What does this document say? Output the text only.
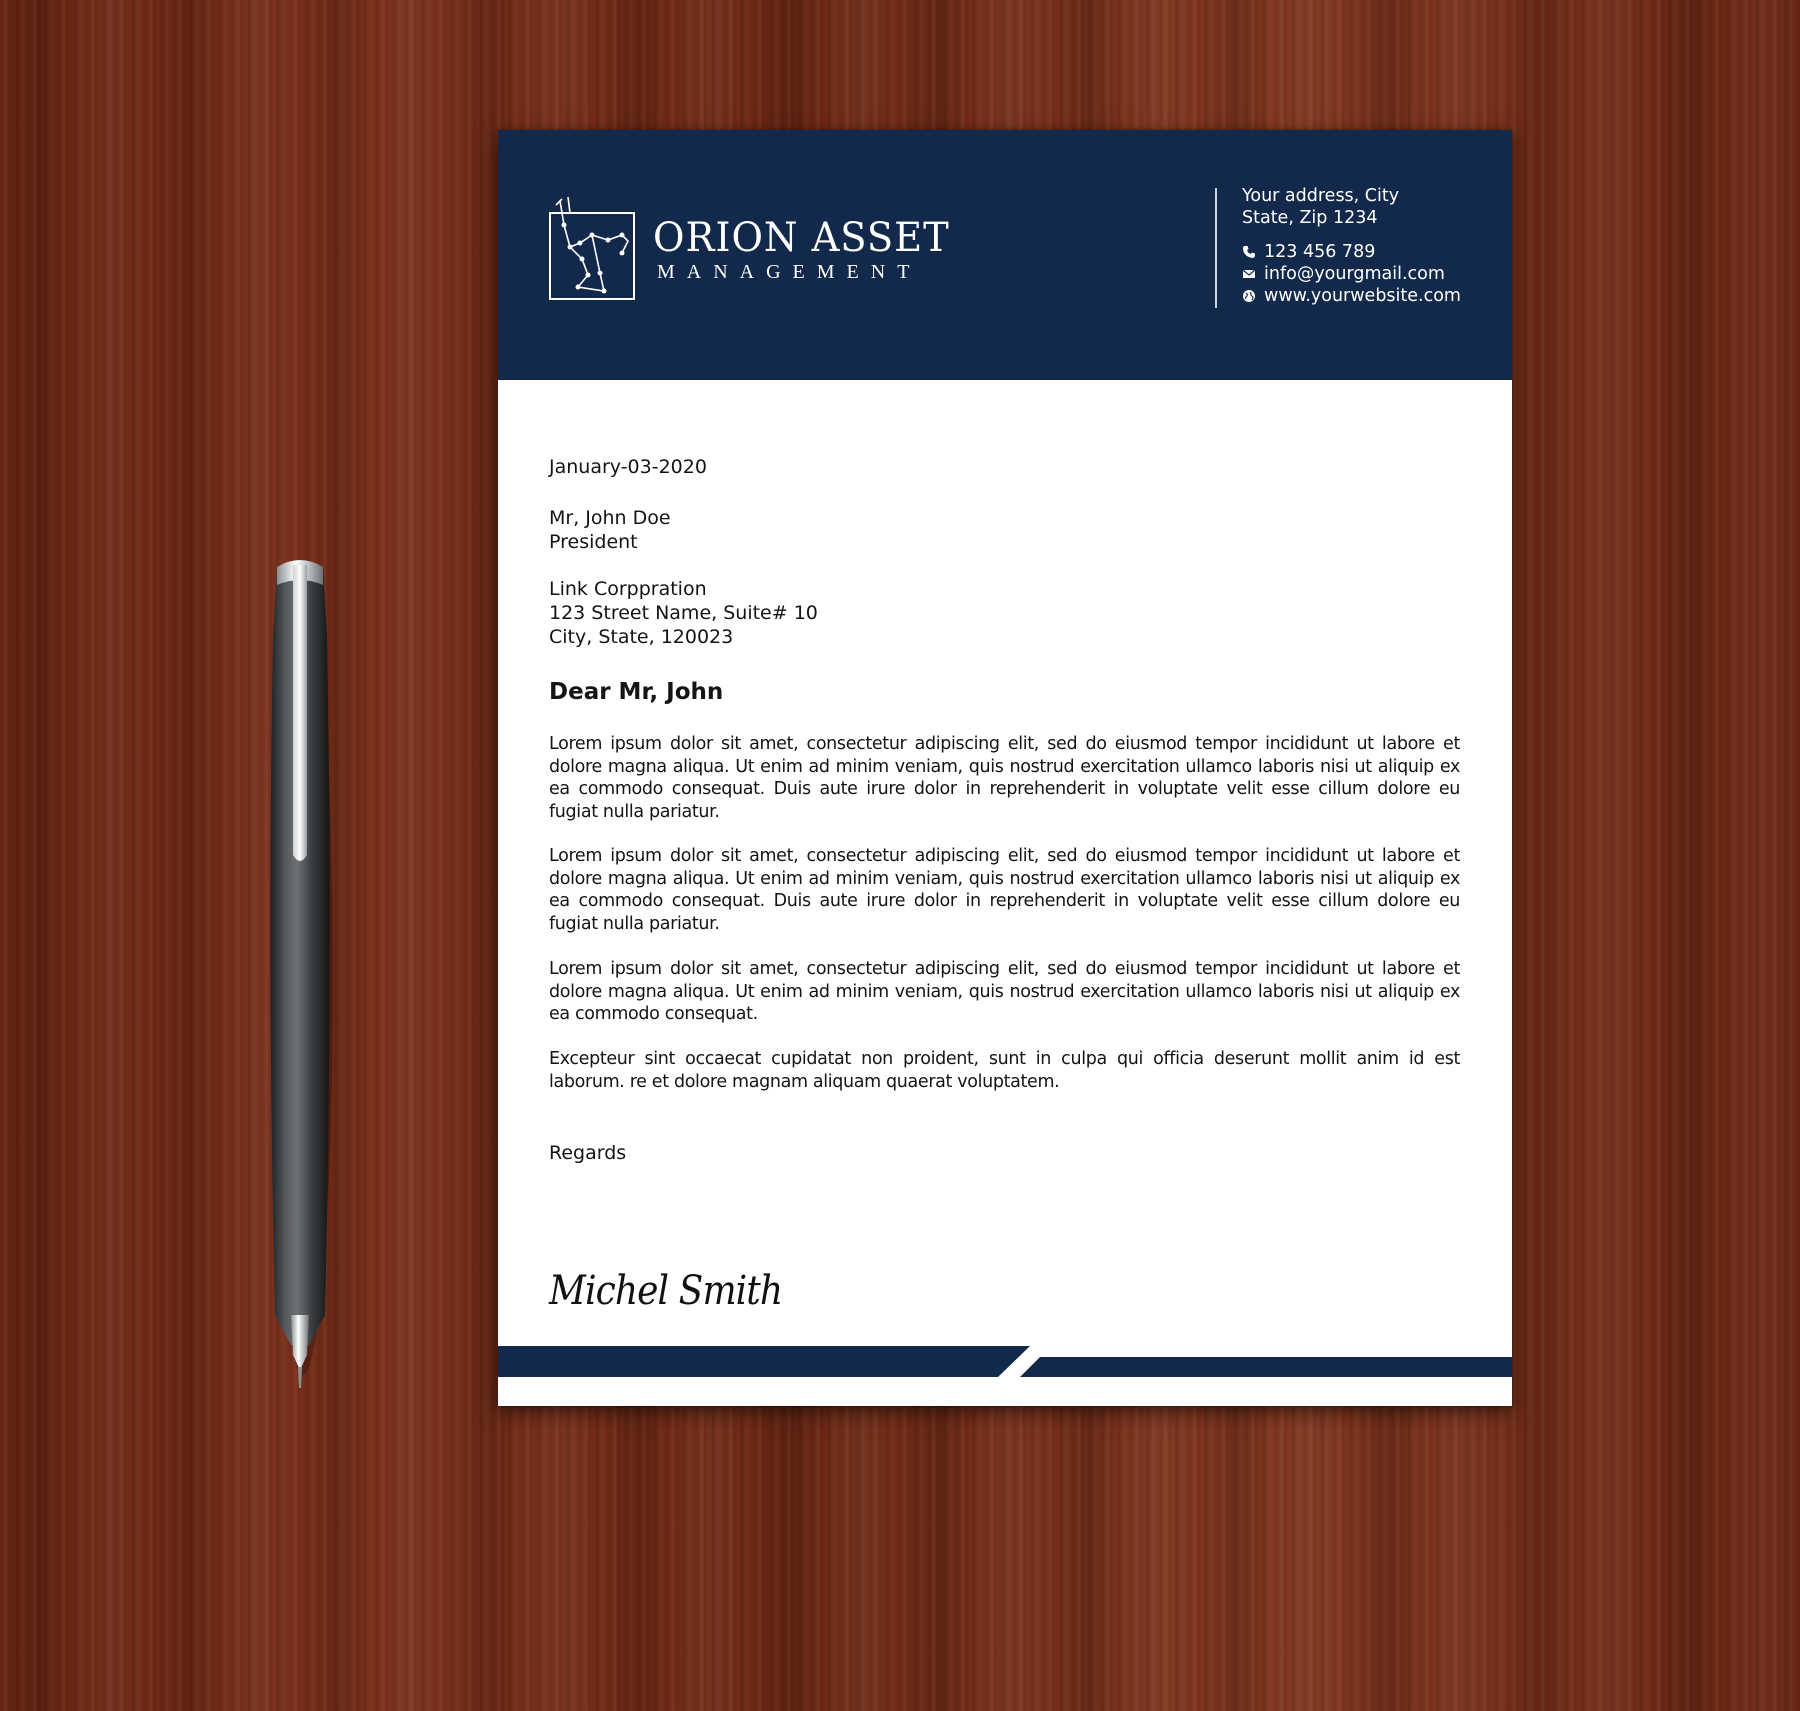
ORION ASSET
MANAGEMENT
Your address, City
State, Zip 1234
123 456 789
info@yourgmail.com
www.yourwebsite.com
January-03-2020
Mr, John Doe
President
Link Corppration
123 Street Name, Suite# 10
City, State, 120023
Dear Mr, John
Lorem ipsum dolor sit amet, consectetur adipiscing elit, sed do eiusmod tempor incididunt ut labore et dolore magna aliqua. Ut enim ad minim veniam, quis nostrud exercitation ullamco laboris nisi ut aliquip ex ea commodo consequat. Duis aute irure dolor in reprehenderit in voluptate velit esse cillum dolore eu fugiat nulla pariatur.
Lorem ipsum dolor sit amet, consectetur adipiscing elit, sed do eiusmod tempor incididunt ut labore et dolore magna aliqua. Ut enim ad minim veniam, quis nostrud exercitation ullamco laboris nisi ut aliquip ex ea commodo consequat. Duis aute irure dolor in reprehenderit in voluptate velit esse cillum dolore eu fugiat nulla pariatur.
Lorem ipsum dolor sit amet, consectetur adipiscing elit, sed do eiusmod tempor incididunt ut labore et dolore magna aliqua. Ut enim ad minim veniam, quis nostrud exercitation ullamco laboris nisi ut aliquip ex ea commodo consequat.
Excepteur sint occaecat cupidatat non proident, sunt in culpa qui officia deserunt mollit anim id est laborum. re et dolore magnam aliquam quaerat voluptatem.
Regards
Michel Smith
